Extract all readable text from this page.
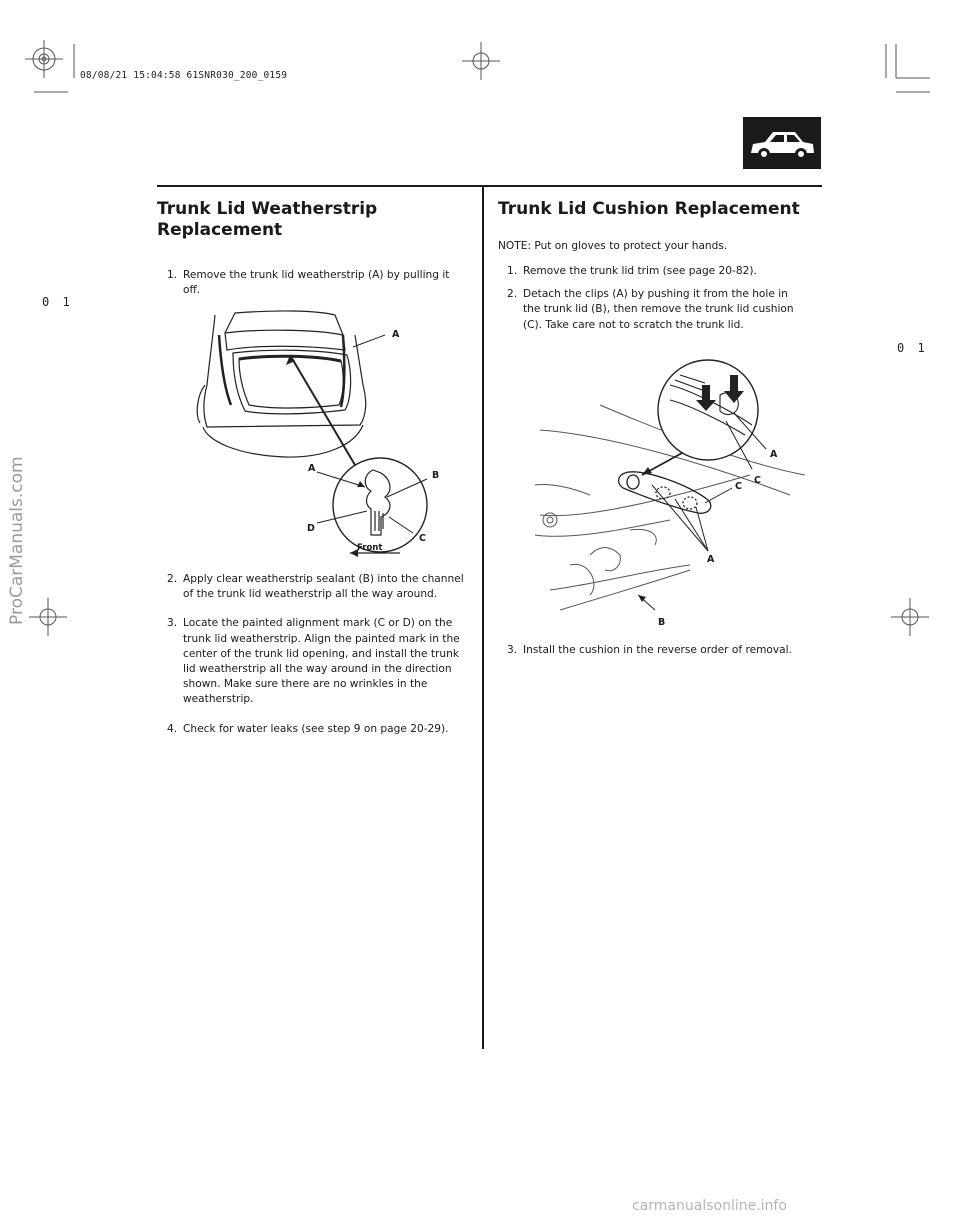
08/08/21 15:04:58 61SNR030_200_0159
ProCarManuals.com
carmanualsonline.info
0 1
0 1
Trunk Lid Weatherstrip
Replacement
1. Remove the trunk lid weatherstrip (A) by pulling it off.
A
A
B
C
D
Front
2. Apply clear weatherstrip sealant (B) into the channel of the trunk lid weatherstrip all the way around.
3. Locate the painted alignment mark (C or D) on the trunk lid weatherstrip. Align the painted mark in the center of the trunk lid opening, and install the trunk lid weatherstrip all the way around in the direction shown. Make sure there are no wrinkles in the weatherstrip.
4. Check for water leaks (see step 9 on page 20-29).
Trunk Lid Cushion Replacement
NOTE: Put on gloves to protect your hands.
1. Remove the trunk lid trim (see page 20-82).
2. Detach the clips (A) by pushing it from the hole in the trunk lid (B), then remove the trunk lid cushion (C). Take care not to scratch the trunk lid.
A
C
C
A
B
3. Install the cushion in the reverse order of removal.
